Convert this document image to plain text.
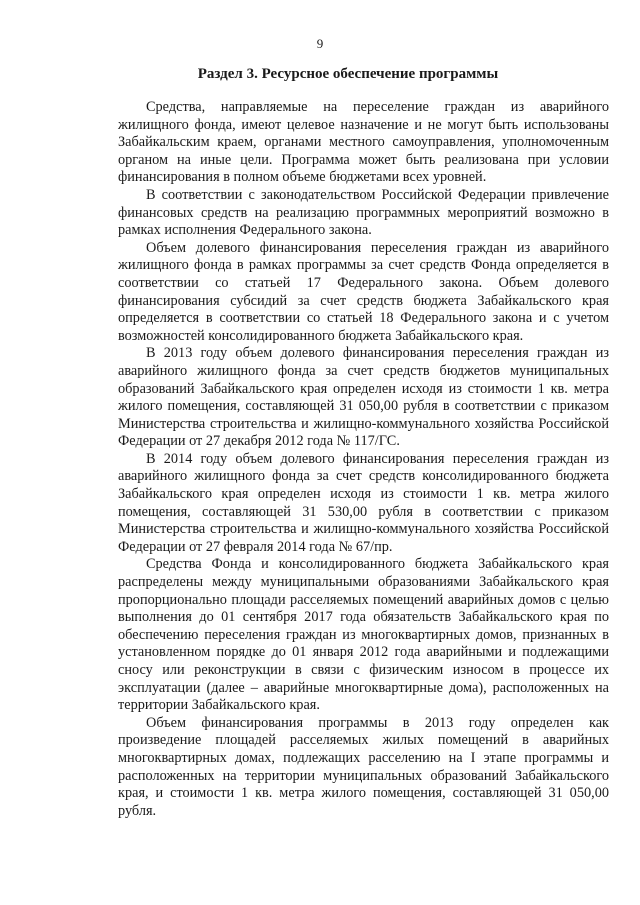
9
Раздел 3. Ресурсное обеспечение программы

Средства, направляемые на переселение граждан из аварийного жилищного фонда, имеют целевое назначение и не могут быть использованы Забайкальским краем, органами местного самоуправления, уполномоченным органом на иные цели. Программа может быть реализована при условии финансирования в полном объеме бюджетами всех уровней.

В соответствии с законодательством Российской Федерации привлечение финансовых средств на реализацию программных мероприятий возможно в рамках исполнения Федерального закона.

Объем долевого финансирования переселения граждан из аварийного жилищного фонда в рамках программы за счет средств Фонда определяется в соответствии со статьей 17 Федерального закона. Объем долевого финансирования субсидий за счет средств бюджета Забайкальского края определяется в соответствии со статьей 18 Федерального закона и с учетом возможностей консолидированного бюджета Забайкальского края.

В 2013 году объем долевого финансирования переселения граждан из аварийного жилищного фонда за счет средств бюджетов муниципальных образований Забайкальского края определен исходя из стоимости 1 кв. метра жилого помещения, составляющей 31 050,00 рубля в соответствии с приказом Министерства строительства и жилищно-коммунального хозяйства Российской Федерации от 27 декабря 2012 года № 117/ГС.

В 2014 году объем долевого финансирования переселения граждан из аварийного жилищного фонда за счет средств консолидированного бюджета Забайкальского края определен исходя из стоимости 1 кв. метра жилого помещения, составляющей 31 530,00 рубля в соответствии с приказом Министерства строительства и жилищно-коммунального хозяйства Российской Федерации от 27 февраля 2014 года № 67/пр.

Средства Фонда и консолидированного бюджета Забайкальского края распределены между муниципальными образованиями Забайкальского края пропорционально площади расселяемых помещений аварийных домов с целью выполнения до 01 сентября 2017 года обязательств Забайкальского края по обеспечению переселения граждан из многоквартирных домов, признанных в установленном порядке до 01 января 2012 года аварийными и подлежащими сносу или реконструкции в связи с физическим износом в процессе их эксплуатации (далее – аварийные многоквартирные дома), расположенных на территории Забайкальского края.

Объем финансирования программы в 2013 году определен как произведение площадей расселяемых жилых помещений в аварийных многоквартирных домах, подлежащих расселению на I этапе программы и расположенных на территории муниципальных образований Забайкальского края, и стоимости 1 кв. метра жилого помещения, составляющей 31 050,00 рубля.
